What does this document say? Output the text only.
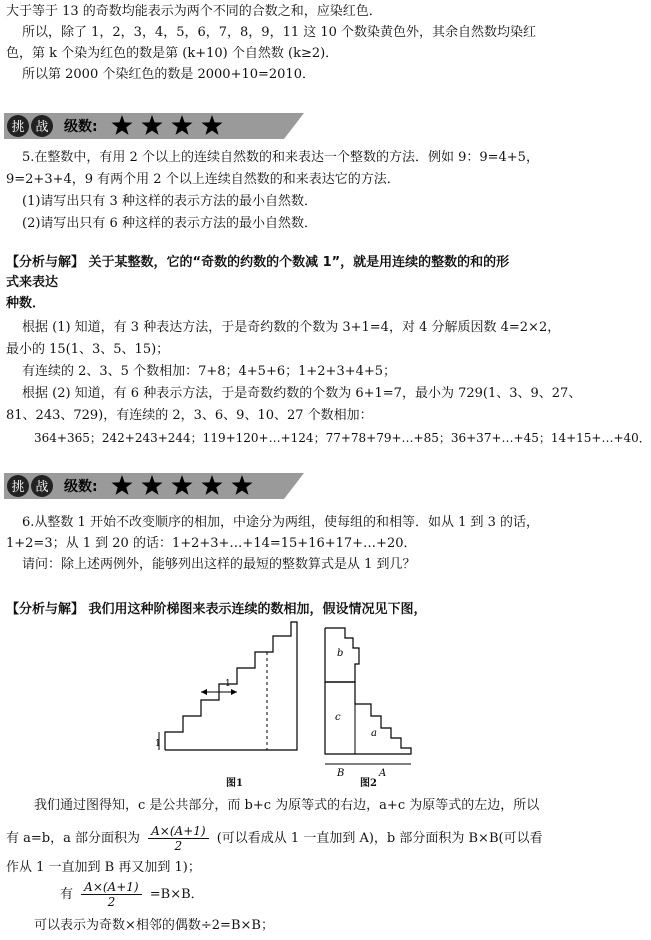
大于等于 13 的奇数均能表示为两个不同的合数之和，应染红色．
所以，除了 1，2，3，4，5，6，7，8，9，11 这 10 个数染黄色外，其余自然数均染红
色，第 k 个染为红色的数是第 (k+10) 个自然数 (k≥2)．
所以第 2000 个染红色的数是 2000+10=2010．
挑 战 级数:
5.在整数中，有用 2 个以上的连续自然数的和来表达一个整数的方法．例如 9：9=4+5，
9=2+3+4，9 有两个用 2 个以上连续自然数的和来表达它的方法．
(1)请写出只有 3 种这样的表示方法的最小自然数．
(2)请写出只有 6 种这样的表示方法的最小自然数．
【分析与解】 关于某整数，它的“奇数的约数的个数减 1”，就是用连续的整数的和的形
式来表达
种数．
根据 (1) 知道，有 3 种表达方法，于是奇约数的个数为 3+1=4，对 4 分解质因数 4=2×2，
最小的 15(1、3、5、15)；
有连续的 2、3、5 个数相加：7+8；4+5+6；1+2+3+4+5；
根据 (2) 知道，有 6 种表示方法，于是奇数约数的个数为 6+1=7，最小为 729(1、3、9、27、
81、243、729)，有连续的 2，3、6、9、10、27 个数相加：
364+365；242+243+244；119+120+…+124；77+78+79+…+85；36+37+…+45；14+15+…+40．
挑 战 级数:
6.从整数 1 开始不改变顺序的相加，中途分为两组，使每组的和相等．如从 1 到 3 的话，
1+2=3；从 1 到 20 的话：1+2+3+…+14=15+16+17+…+20．
请问：除上述两例外，能够列出这样的最短的整数算式是从 1 到几？
【分析与解】 我们用这种阶梯图来表示连续的数相加，假设情况见下图，
1
1
图1
b
c
a
B	A
图2
我们通过图得知，c 是公共部分，而 b+c 为原等式的右边，a+c 为原等式的左边，所以
有 a=b，a 部分面积为 $\frac{A\times(A+1)}{2}$ (可以看成从 1 一直加到 A)，b 部分面积为 B×B(可以看
作从 1 一直加到 B 再又加到 1)；
有 $\frac{A\times(A+1)}{2} =B\times B$．
可以表示为奇数×相邻的偶数÷2=B×B；
